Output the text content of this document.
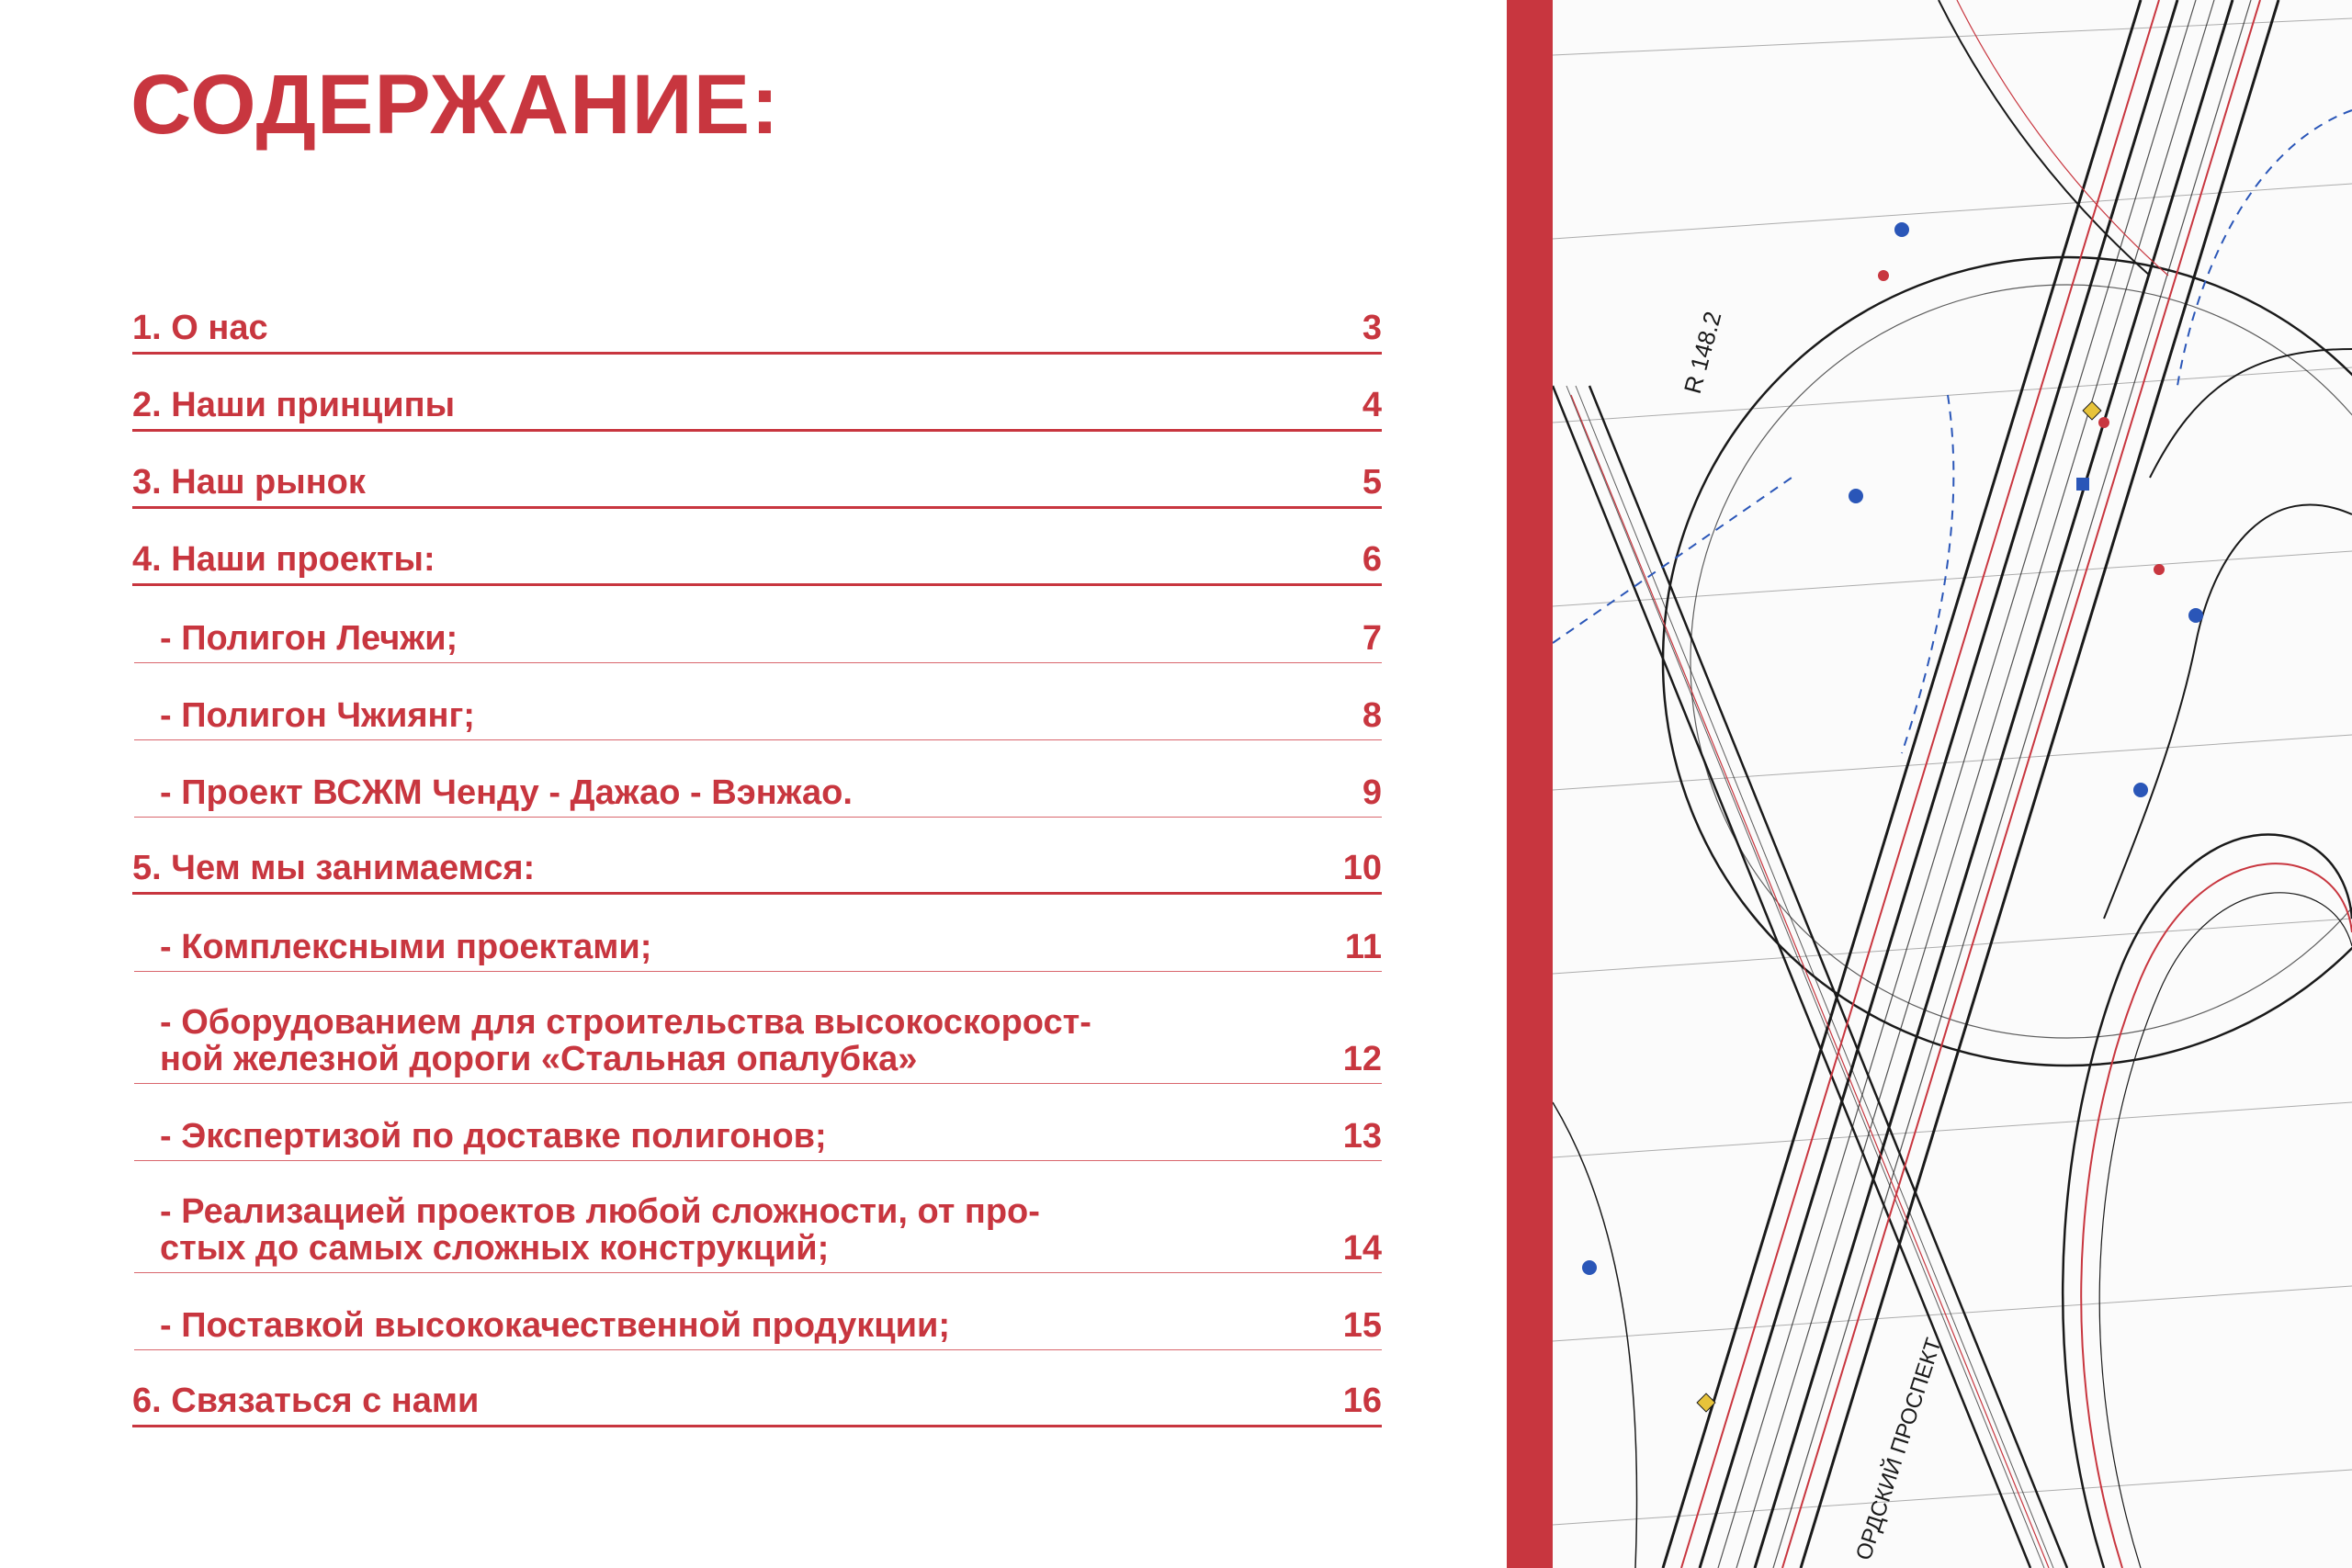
СОДЕРЖАНИЕ:
1. О нас	3
2. Наши принципы	4
3. Наш рынок	5
4. Наши проекты:	6
- Полигон Лечжи;	7
- Полигон Чжиянг;	8
- Проект ВСЖМ Ченду - Дажао - Вэнжао.	9
5. Чем мы занимаемся:	10
- Комплексными проектами;	11
- Оборудованием для строительства высокоскорост-
ной железной дороги «Стальная опалубка»	12
- Экспертизой по доставке полигонов;	13
- Реализацией проектов любой сложности, от про-
стых до самых сложных конструкций;	14
- Поставкой высококачественной продукции;	15
6. Связаться с нами	16
R 148.2
ОРДСКИЙ ПРОСПЕКТ
